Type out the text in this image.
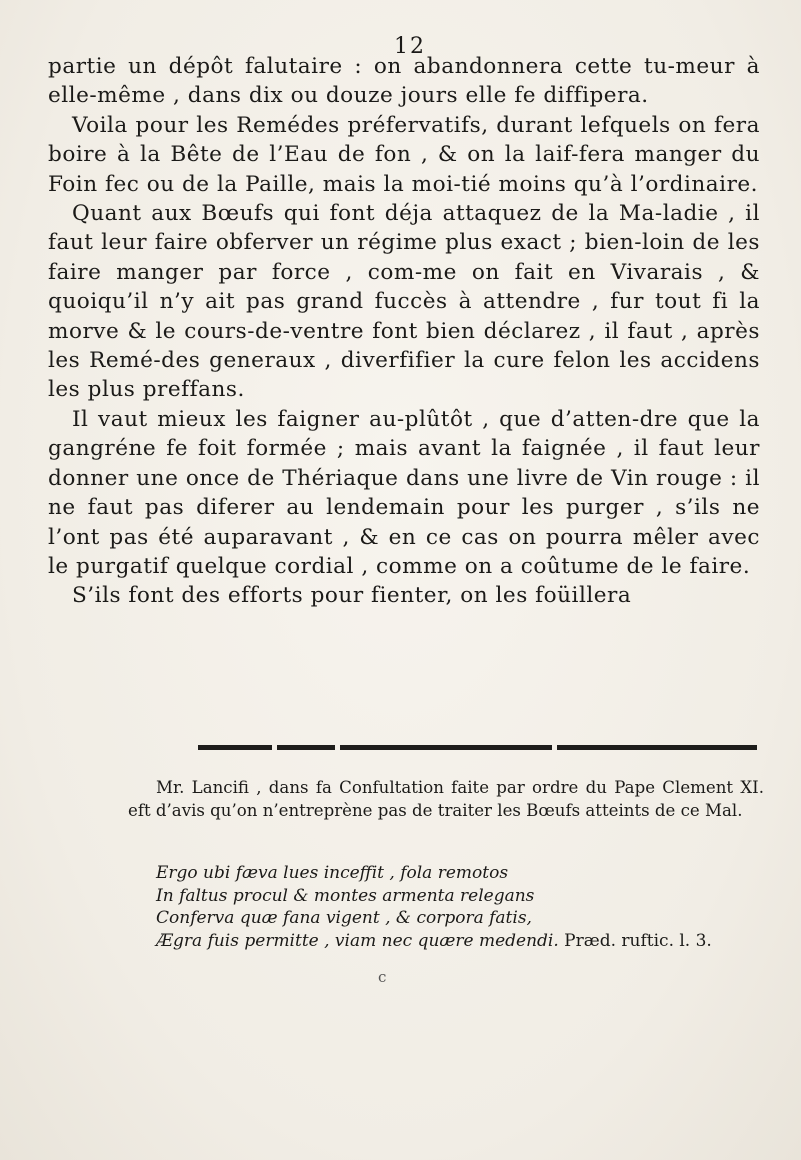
12

partie un dépôt falutaire : on abandonnera cette tu-meur à elle-même , dans dix ou douze jours elle fe diffipera.

Voila pour les Remédes préfervatifs, durant lefquels on fera boire à la Bête de l’Eau de fon , & on la laif-fera manger du Foin fec ou de la Paille, mais la moi-tié moins qu’à l’ordinaire.

Quant aux Bœufs qui font déja attaquez de la Ma-ladie , il faut leur faire obferver un régime plus exact ; bien-loin de les faire manger par force , com-me on fait en Vivarais , & quoiqu’il n’y ait pas grand fuccès à attendre , fur tout fi la morve & le cours-de-ventre font bien déclarez , il faut , après les Remé-des generaux , diverfifier la cure felon les accidens les plus preffans.

Il vaut mieux les faigner au-plûtôt , que d’atten-dre que la gangréne fe foit formée ; mais avant la faignée , il faut leur donner une once de Thériaque dans une livre de Vin rouge : il ne faut pas diferer au lendemain pour les purger , s’ils ne l’ont pas été auparavant , & en ce cas on pourra mêler avec le purgatif quelque cordial , comme on a coûtume de le faire.

S’ils font des efforts pour fienter, on les foüillera

Mr. Lancifi , dans fa Confultation faite par ordre du Pape Clement XI. eft d’avis qu’on n’entreprène pas de traiter les Bœufs atteints de ce Mal.

Ergo ubi fæva lues inceffit , fola remotos
In faltus procul & montes armenta relegans
Conferva quæ fana vigent , & corpora fatis,
Ægra fuis permitte , viam nec quære medendi. Præd. ruftic. l. 3.
c
